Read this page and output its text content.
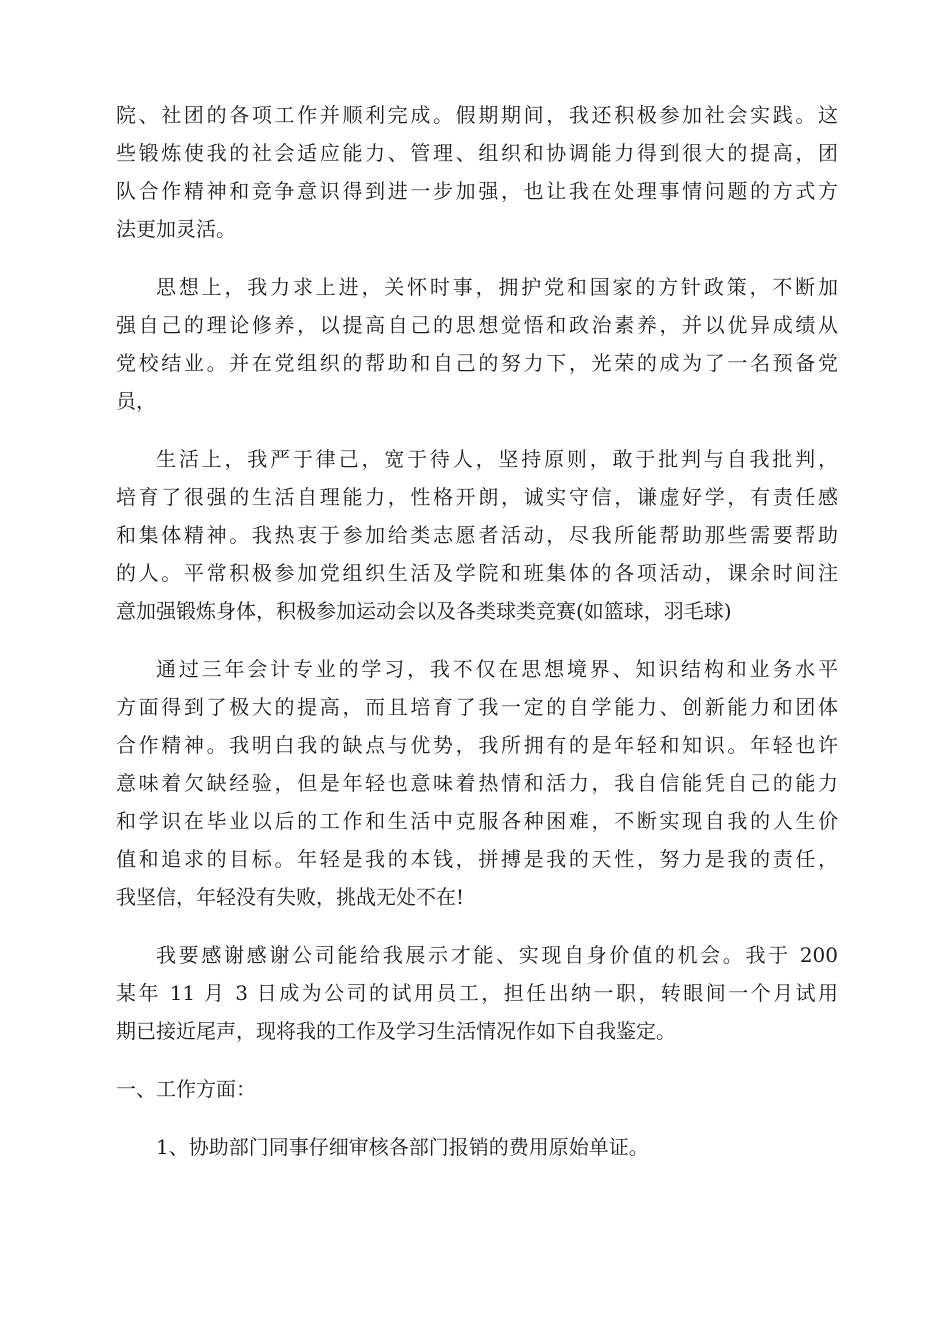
院、社团的各项工作并顺利完成。假期期间，我还积极参加社会实践。这
些锻炼使我的社会适应能力、管理、组织和协调能力得到很大的提高，团
队合作精神和竞争意识得到进一步加强，也让我在处理事情问题的方式方
法更加灵活。
思想上，我力求上进，关怀时事，拥护党和国家的方针政策，不断加
强自己的理论修养，以提高自己的思想觉悟和政治素养，并以优异成绩从
党校结业。并在党组织的帮助和自己的努力下，光荣的成为了一名预备党
员，
生活上，我严于律己，宽于待人，坚持原则，敢于批判与自我批判，
培育了很强的生活自理能力，性格开朗，诚实守信，谦虚好学，有责任感
和集体精神。我热衷于参加给类志愿者活动，尽我所能帮助那些需要帮助
的人。平常积极参加党组织生活及学院和班集体的各项活动，课余时间注
意加强锻炼身体，积极参加运动会以及各类球类竞赛(如篮球，羽毛球)
通过三年会计专业的学习，我不仅在思想境界、知识结构和业务水平
方面得到了极大的提高，而且培育了我一定的自学能力、创新能力和团体
合作精神。我明白我的缺点与优势，我所拥有的是年轻和知识。年轻也许
意味着欠缺经验，但是年轻也意味着热情和活力，我自信能凭自己的能力
和学识在毕业以后的工作和生活中克服各种困难，不断实现自我的人生价
值和追求的目标。年轻是我的本钱，拼搏是我的天性，努力是我的责任，
我坚信，年轻没有失败，挑战无处不在!
我要感谢感谢公司能给我展示才能、实现自身价值的机会。我于 200
某年 11 月 3 日成为公司的试用员工，担任出纳一职，转眼间一个月试用
期已接近尾声，现将我的工作及学习生活情况作如下自我鉴定。
一、工作方面：
1、协助部门同事仔细审核各部门报销的费用原始单证。
